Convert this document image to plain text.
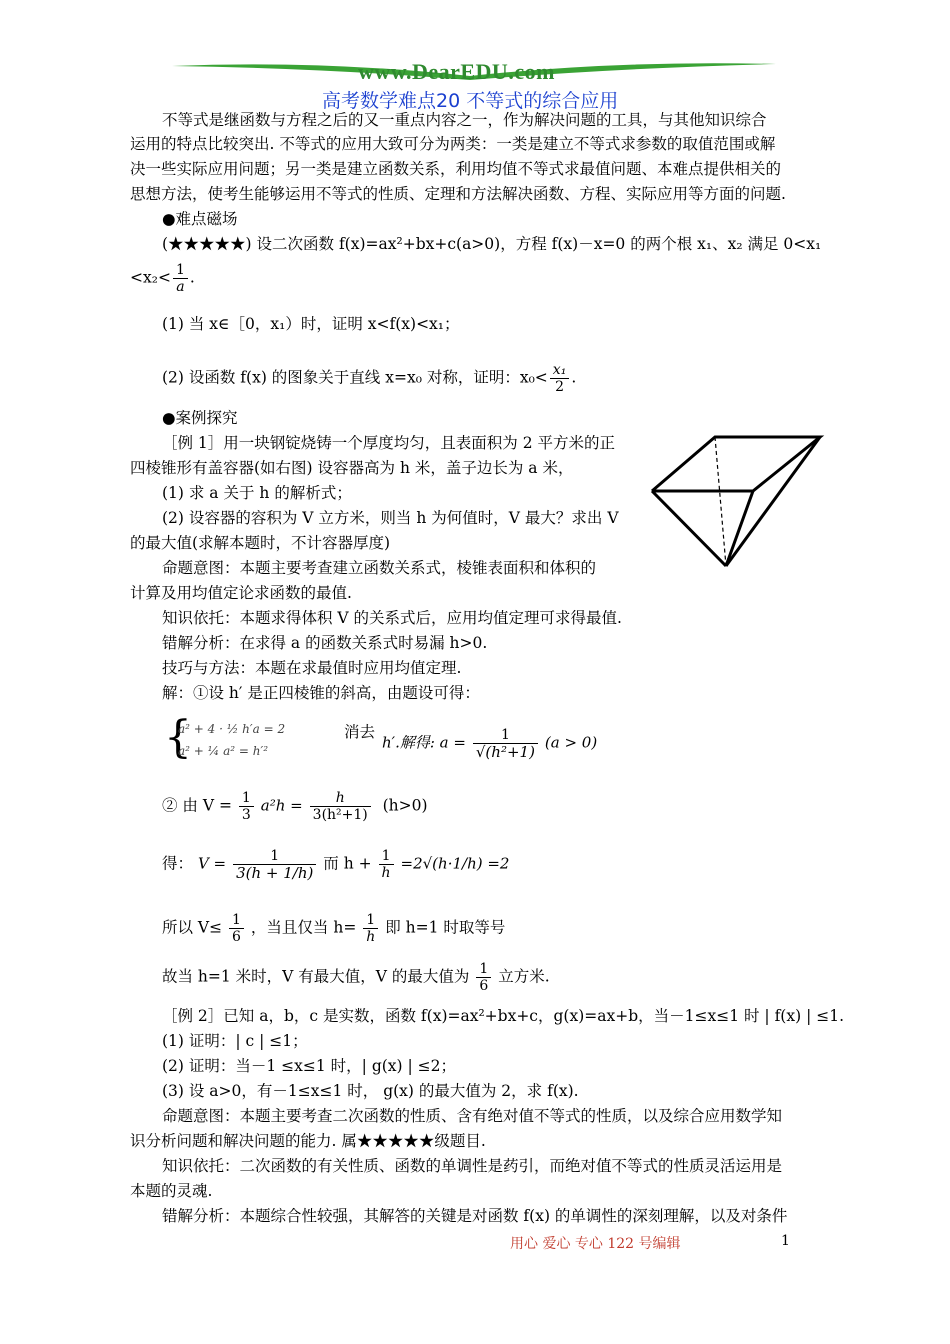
www.DearEDU.com
高考数学难点20 不等式的综合应用
不等式是继函数与方程之后的又一重点内容之一，作为解决问题的工具，与其他知识综合
运用的特点比较突出. 不等式的应用大致可分为两类：一类是建立不等式求参数的取值范围或解
决一些实际应用问题；另一类是建立函数关系，利用均值不等式求最值问题、本难点提供相关的
思想方法，使考生能够运用不等式的性质、定理和方法解决函数、方程、实际应用等方面的问题.
●难点磁场
(★★★★★) 设二次函数 f(x)=ax²+bx+c(a>0)，方程 f(x)－x=0 的两个根 x₁、x₂ 满足 0<x₁
$<x_2< \frac{1}{a}$ .
(1) 当 x∈［0，x₁）时，证明 x<f(x)<x₁；
(2) 设函数 f(x) 的图象关于直线 x=x₀ 对称，证明：$x_0< \frac{\text{x₁}}{2}$ .
●案例探究
［例 1］用一块钢锭烧铸一个厚度均匀，且表面积为 2 平方米的正
四棱锥形有盖容器(如右图) 设容器高为 h 米，盖子边长为 a 米，
(1) 求 a 关于 h 的解析式；
(2) 设容器的容积为 V 立方米，则当 h 为何值时，V 最大？求出 V
的最大值(求解本题时，不计容器厚度)
命题意图：本题主要考查建立函数关系式，棱锥表面积和体积的
计算及用均值定论求函数的最值.
知识依托：本题求得体积 V 的关系式后，应用均值定理可求得最值.
错解分析：在求得 a 的函数关系式时易漏 h>0.
技巧与方法：本题在求最值时应用均值定理.
解：①设 h′ 是正四棱锥的斜高，由题设可得：
{
a² + 4 · ½ h′a = 2
a² + ¼ a² = h′²
消去
h′.解得: $a = \frac{1}{\text{√(h²+1)}} (a > 0)$
② 由 $V = \frac{1}{3} a^2h = \frac{h}{\text{3(h²+1)}} (h>0)$
得： $V = \frac{1}{3(h + 1/h)}$ 而 $h + \frac{1}{h} =2√(h\cdot 1/h) =2$
所以 $V\le \frac{1}{6}$ ，当且仅当 $h= \frac{1}{h}$ 即 h=1 时取等号
故当 h=1 米时，V 有最大值，V 的最大值为 $\frac{1}{6}$ 立方米.
［例 2］已知 a，b，c 是实数，函数 f(x)=ax²+bx+c，g(x)=ax+b，当－1≤x≤1 时 | f(x) | ≤1.
(1) 证明：| c | ≤1；
(2) 证明：当－1 ≤x≤1 时，| g(x) | ≤2；
(3) 设 a>0，有－1≤x≤1 时， g(x) 的最大值为 2，求 f(x).
命题意图：本题主要考查二次函数的性质、含有绝对值不等式的性质，以及综合应用数学知
识分析问题和解决问题的能力. 属★★★★★级题目.
知识依托：二次函数的有关性质、函数的单调性是药引，而绝对值不等式的性质灵活运用是
本题的灵魂.
错解分析：本题综合性较强，其解答的关键是对函数 f(x) 的单调性的深刻理解，以及对条件
用心 爱心 专心 122 号编辑	1
